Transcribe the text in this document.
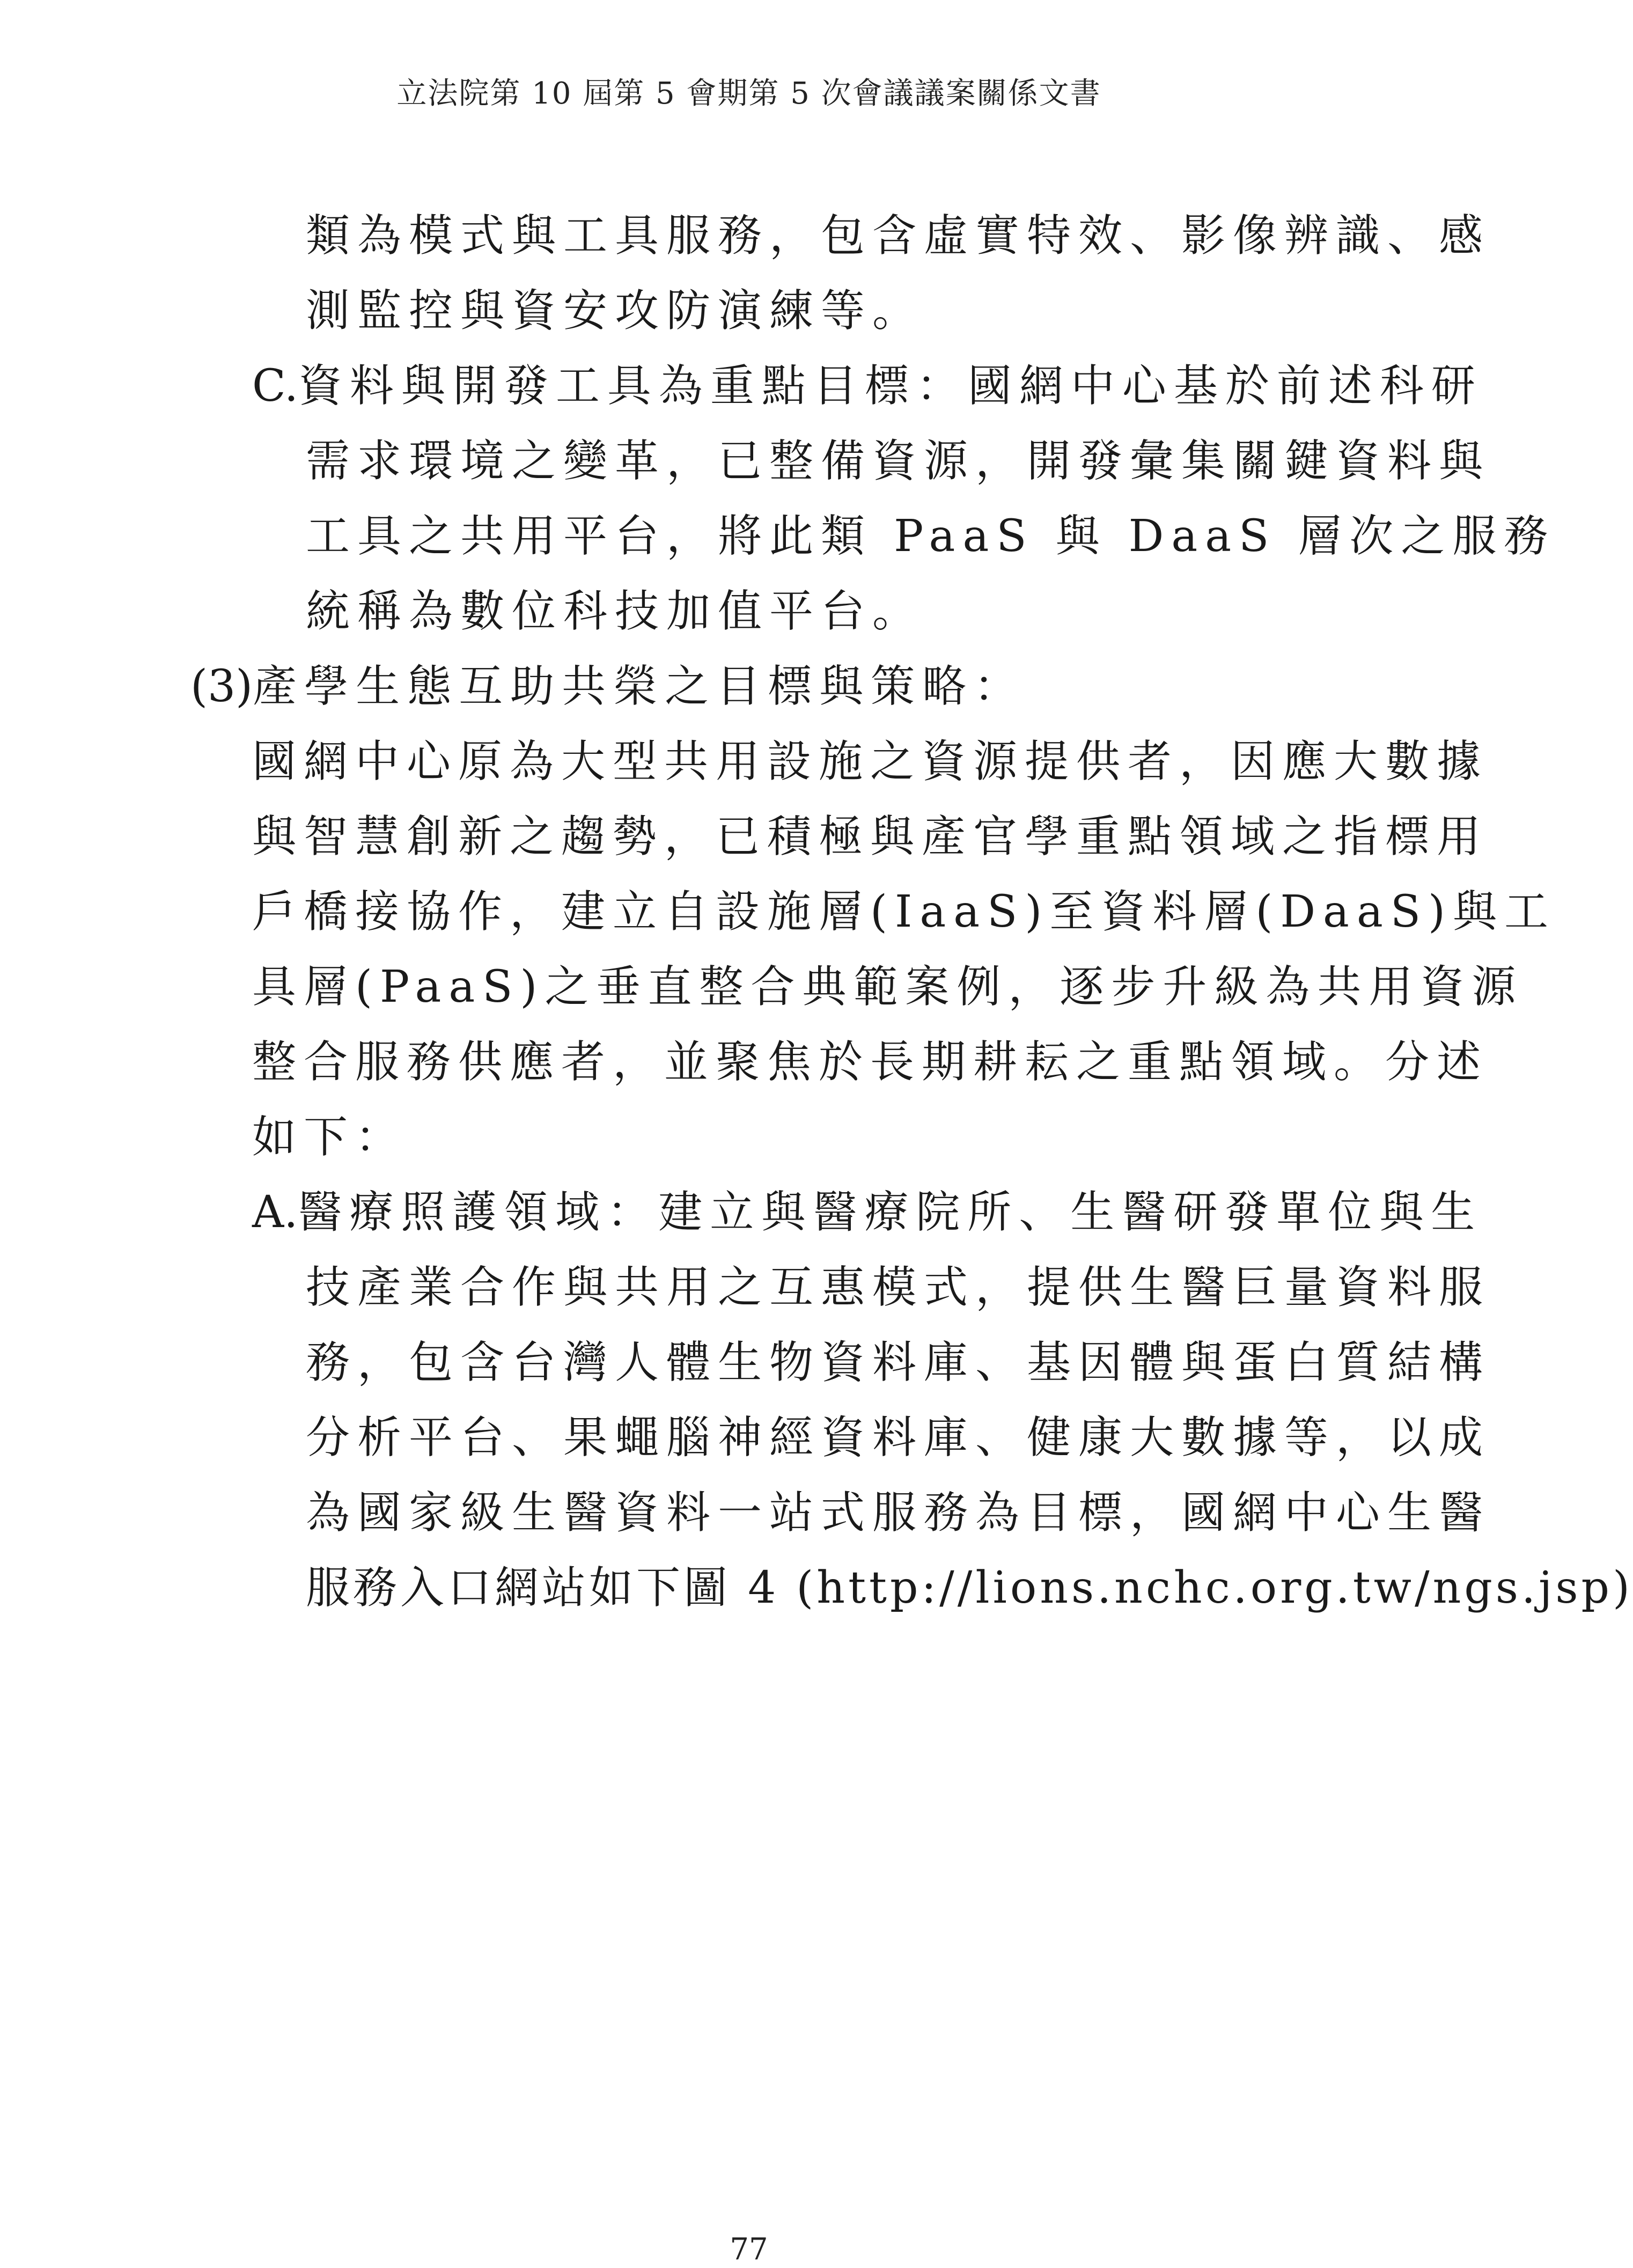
立法院第 10 屆第 5 會期第 5 次會議議案關係文書
類為模式與工具服務，包含虛實特效、影像辨識、感
測監控與資安攻防演練等。
C.資料與開發工具為重點目標：國網中心基於前述科研
需求環境之變革，已整備資源，開發彙集關鍵資料與
工具之共用平台，將此類 PaaS 與 DaaS 層次之服務
統稱為數位科技加值平台。
(3)產學生態互助共榮之目標與策略：
國網中心原為大型共用設施之資源提供者，因應大數據
與智慧創新之趨勢，已積極與產官學重點領域之指標用
戶橋接協作，建立自設施層(IaaS)至資料層(DaaS)與工
具層(PaaS)之垂直整合典範案例，逐步升級為共用資源
整合服務供應者，並聚焦於長期耕耘之重點領域。分述
如下：
A.醫療照護領域：建立與醫療院所、生醫研發單位與生
技產業合作與共用之互惠模式，提供生醫巨量資料服
務，包含台灣人體生物資料庫、基因體與蛋白質結構
分析平台、果蠅腦神經資料庫、健康大數據等，以成
為國家級生醫資料一站式服務為目標，國網中心生醫
服務入口網站如下圖 4 (http://lions.nchc.org.tw/ngs.jsp)
77
